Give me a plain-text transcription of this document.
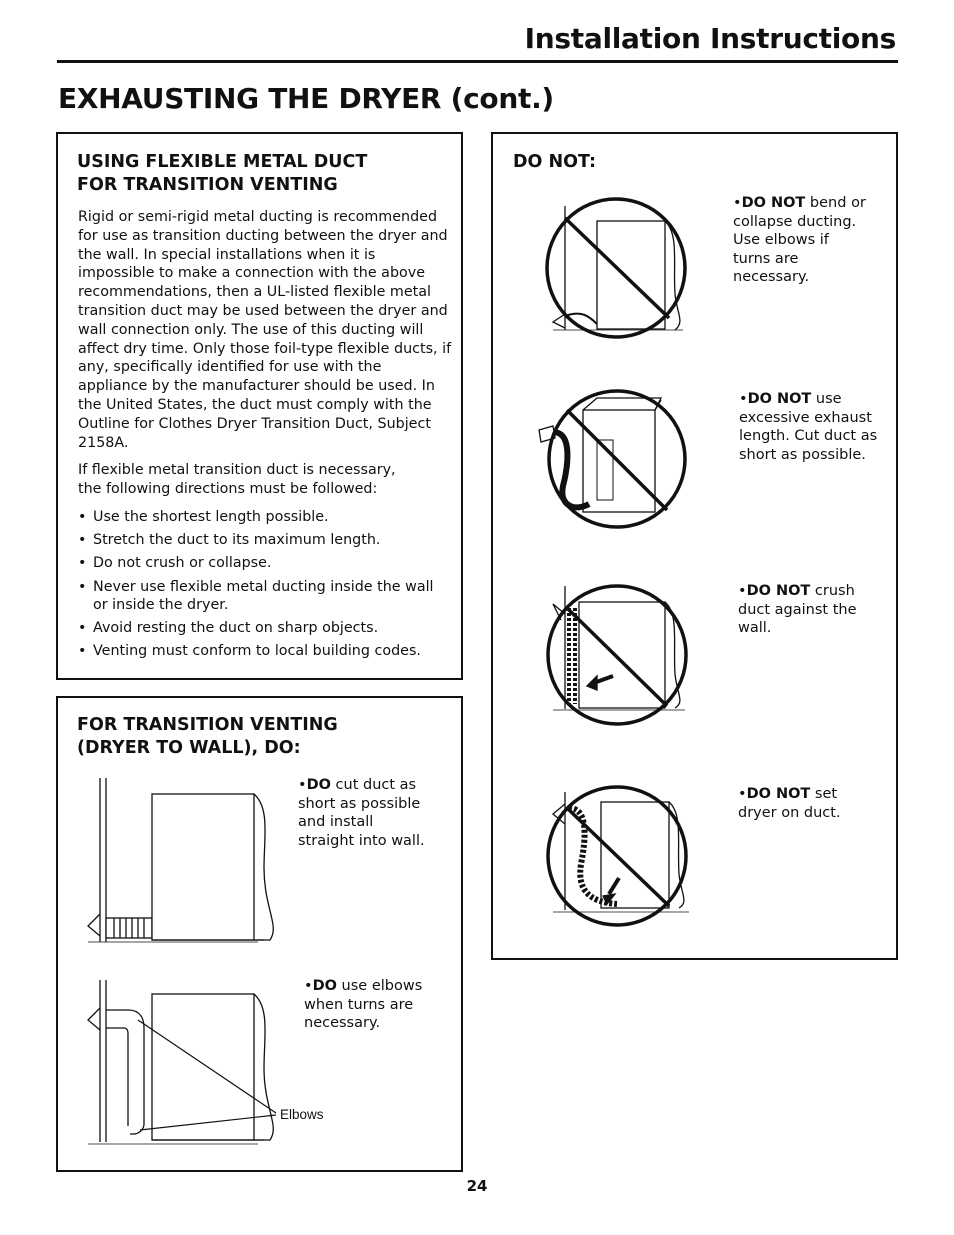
Installation Instructions
EXHAUSTING THE DRYER (cont.)
USING FLEXIBLE METAL DUCT
FOR TRANSITION VENTING
Rigid or semi-rigid metal ducting is recommended for use as transition ducting between the dryer and the wall. In special installations when it is impossible to make a connection with the above recommendations, then a UL-listed flexible metal transition duct may be used between the dryer and wall connection only. The use of this ducting will affect dry time. Only those foil-type flexible ducts, if any, specifically identified for use with the appliance by the manufacturer should be used. In the United States, the duct must comply with the Outline for Clothes Dryer Transition Duct, Subject 2158A.
If flexible metal transition duct is necessary, the following directions must be followed:
• Use the shortest length possible.
• Stretch the duct to its maximum length.
• Do not crush or collapse.
• Never use flexible metal ducting inside the wall or inside the dryer.
• Avoid resting the duct on sharp objects.
• Venting must conform to local building codes.
FOR TRANSITION VENTING
(DRYER TO WALL), DO:
•DO cut duct as short as possible and install straight into wall.
•DO use elbows when turns are necessary.
Elbows
DO NOT:
•DO NOT bend or collapse ducting. Use elbows if turns are necessary.
•DO NOT use excessive exhaust length. Cut duct as short as possible.
•DO NOT crush duct against the wall.
•DO NOT set dryer on duct.
24
